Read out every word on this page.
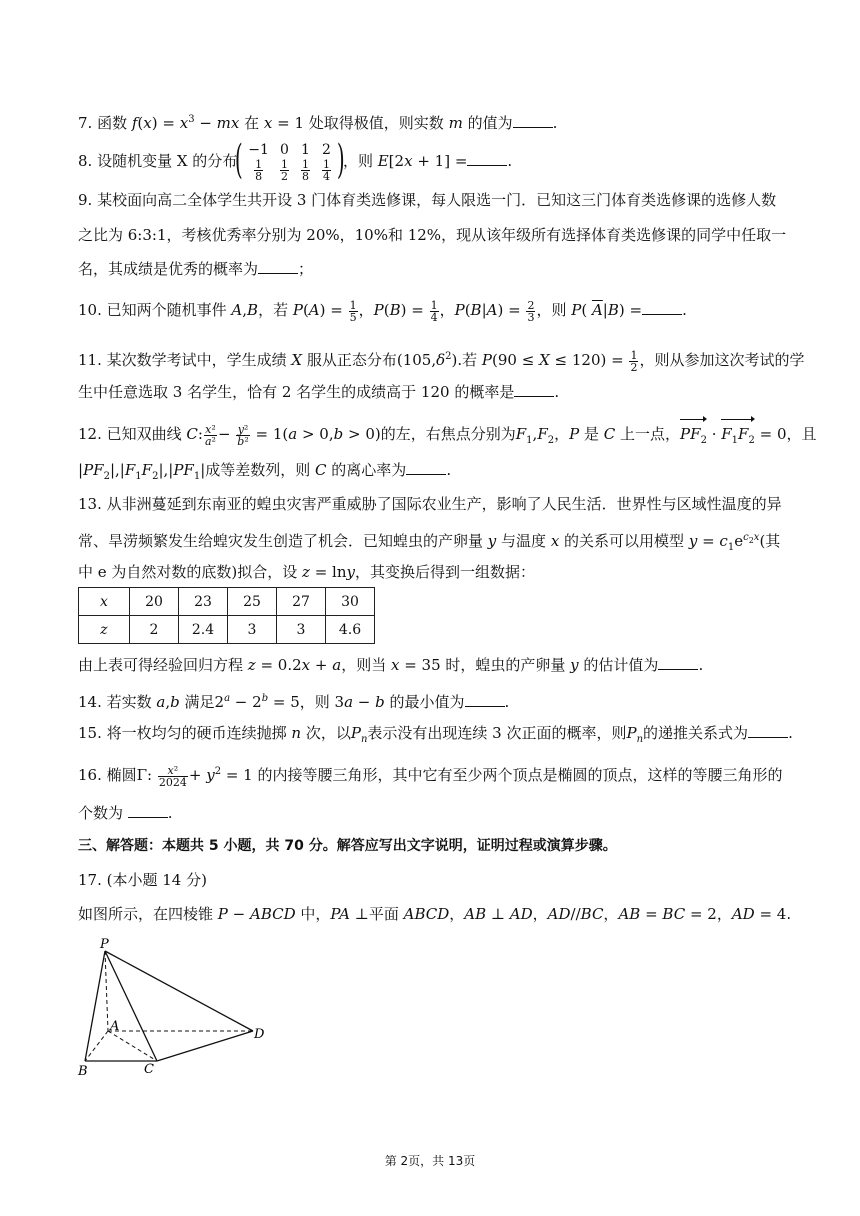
7. 函数 $f(x) = x^3$ − mx 在 x = 1 处取得极值，则实数 m 的值为	.
8. 设随机变量 X 的分布
( −1	0	1	2

$\frac{1}{8}$	$\frac{1}{2}$	$\frac{1}{8}$	$\frac{1}{4}$ )
，则 E[2x + 1] =	.
9. 某校面向高二全体学生共开设 3 门体育类选修课，每人限选一门．已知这三门体育类选修课的选修人数
之比为 6:3:1，考核优秀率分别为 20%，10%和 12%，现从该年级所有选择体育类选修课的同学中任取一
名，其成绩是优秀的概率为	；
10. 已知两个随机事件 A,B，若 $P(A) = \frac{1}{5}$ ，$P(B) = \frac{1}{4}$ ，$P(B|A) = \frac{2}{3}$ ，则 P( $\overline{A}|B$) =	.
11. 某次数学考试中，学生成绩 X 服从正态分布$(105,\delta^2)$.若 $P(90 \le X \le 120) = \frac{1}{2}$ ，则从参加这次考试的学
生中任意选取 3 名学生，恰有 2 名学生的成绩高于 120 的概率是	.
12. 已知双曲线 C: $\frac{\text{x²}}{\text{a²}} - \frac{\text{y²}}{\text{b²}} = 1(a > 0,b > 0)$的左，右焦点分别为$F_1,F_2$，P 是 C 上一点，$PF_2 \cdot F_1F_2 = 0$，且
$|PF_2|,|F_1F_2|,|PF_1|$成等差数列，则 C 的离心率为	.
13. 从非洲蔓延到东南亚的蝗虫灾害严重威胁了国际农业生产，影响了人民生活．世界性与区域性温度的异
常、旱涝频繁发生给蝗灾发生创造了机会．已知蝗虫的产卵量 y 与温度 x 的关系可以用模型 $y = c_1e^{c_2x}$(其
中 e 为自然对数的底数)拟合，设 z = lny，其变换后得到一组数据：
x	20	23	25	27	30
z	2	2.4	3	3	4.6
由上表可得经验回归方程 z = 0.2x + a，则当 x = 35 时，蝗虫的产卵量 y 的估计值为	.
14. 若实数 a,b 满足$2^a - 2^b = 5$，则 3a − b 的最小值为	.
15. 将一枚均匀的硬币连续抛掷 n 次，以$P_n$表示没有出现连续 3 次正面的概率，则$P_n$的递推关系式为	.
16. 椭圆Γ: $\frac{\text{x²}}{2024} + y^2 = 1$ 的内接等腰三角形，其中它有至少两个顶点是椭圆的顶点，这样的等腰三角形的
个数为	.
三、解答题：本题共 5 小题，共 70 分。解答应写出文字说明，证明过程或演算步骤。
17. (本小题 14 分)
如图所示，在四棱锥 P − ABCD 中，PA ⊥平面 ABCD，AB ⊥ AD，AD//BC，AB = BC = 2，AD = 4.
P
A
B	C
D
第 2页，共 13页
